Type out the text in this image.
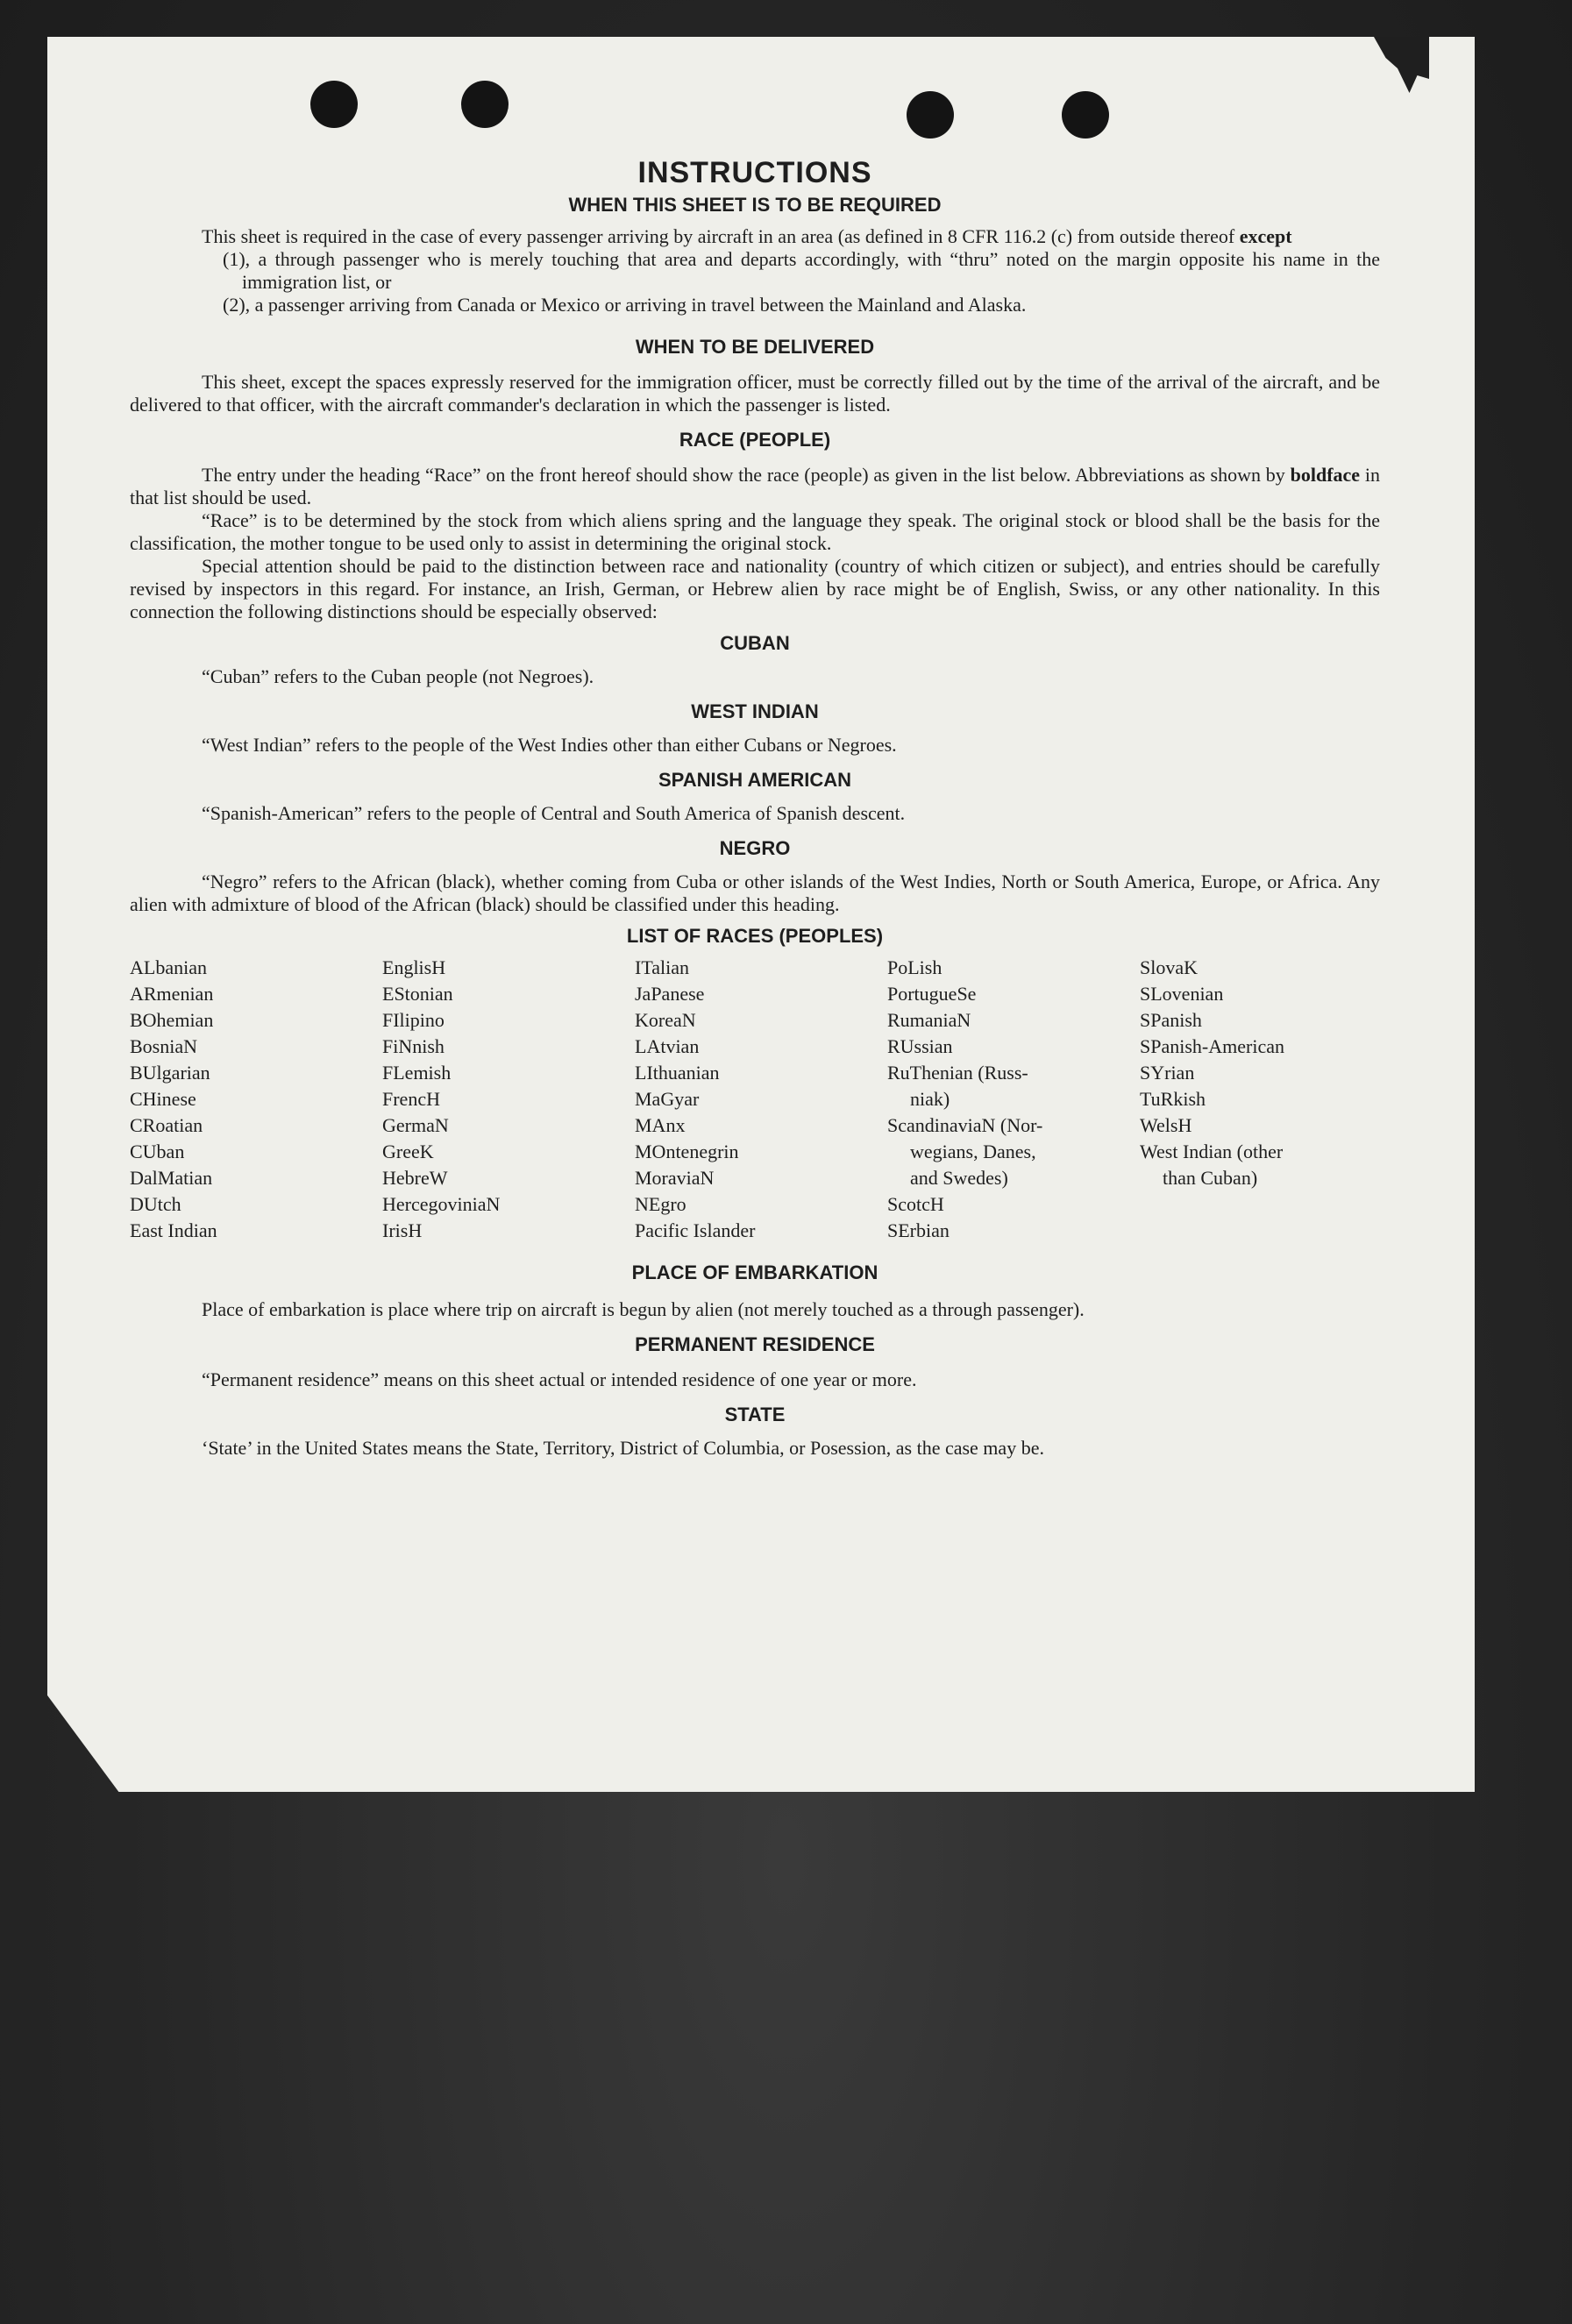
INSTRUCTIONS
WHEN THIS SHEET IS TO BE REQUIRED

This sheet is required in the case of every passenger arriving by aircraft in an area (as defined in 8 CFR 116.2 (c) from outside thereof except

(1), a through passenger who is merely touching that area and departs accordingly, with “thru” noted on the margin opposite his name in the immigration list, or

(2), a passenger arriving from Canada or Mexico or arriving in travel between the Mainland and Alaska.

WHEN TO BE DELIVERED

This sheet, except the spaces expressly reserved for the immigration officer, must be correctly filled out by the time of the arrival of the aircraft, and be delivered to that officer, with the aircraft commander's declaration in which the passenger is listed.

RACE (PEOPLE)

The entry under the heading “Race” on the front hereof should show the race (people) as given in the list below. Abbreviations as shown by boldface in that list should be used.

“Race” is to be determined by the stock from which aliens spring and the language they speak. The original stock or blood shall be the basis for the classification, the mother tongue to be used only to assist in determining the original stock.

Special attention should be paid to the distinction between race and nationality (country of which citizen or subject), and entries should be carefully revised by inspectors in this regard. For instance, an Irish, German, or Hebrew alien by race might be of English, Swiss, or any other nationality. In this connection the following distinctions should be especially observed:

CUBAN

“Cuban” refers to the Cuban people (not Negroes).

WEST INDIAN

“West Indian” refers to the people of the West Indies other than either Cubans or Negroes.

SPANISH AMERICAN

“Spanish-American” refers to the people of Central and South America of Spanish descent.

NEGRO

“Negro” refers to the African (black), whether coming from Cuba or other islands of the West Indies, North or South America, Europe, or Africa. Any alien with admixture of blood of the African (black) should be classified under this heading.

LIST OF RACES (PEOPLES)
ALbanian
ARmenian
BOhemian
BosniaN
BUlgarian
CHinese
CRoatian
CUban
DalMatian
DUtch
East Indian
EnglisH
EStonian
FIlipino
FiNnish
FLemish
FrencH
GermaN
GreeK
HebreW
HercegoviniaN
IrisH
ITalian
JaPanese
KoreaN
LAtvian
LIthuanian
MaGyar
MAnx
MOntenegrin
MoraviaN
NEgro
Pacific Islander
PoLish
PortugueSe
RumaniaN
RUssian
RuThenian (Russ-
niak)
ScandinaviaN (Nor-
wegians, Danes,
and Swedes)
ScotcH
SErbian
SlovaK
SLovenian
SPanish
SPanish-American
SYrian
TuRkish
WelsH
West Indian (other
than Cuban)
PLACE OF EMBARKATION

Place of embarkation is place where trip on aircraft is begun by alien (not merely touched as a through passenger).

PERMANENT RESIDENCE

“Permanent residence” means on this sheet actual or intended residence of one year or more.

STATE

‘State’ in the United States means the State, Territory, District of Columbia, or Posession, as the case may be.
